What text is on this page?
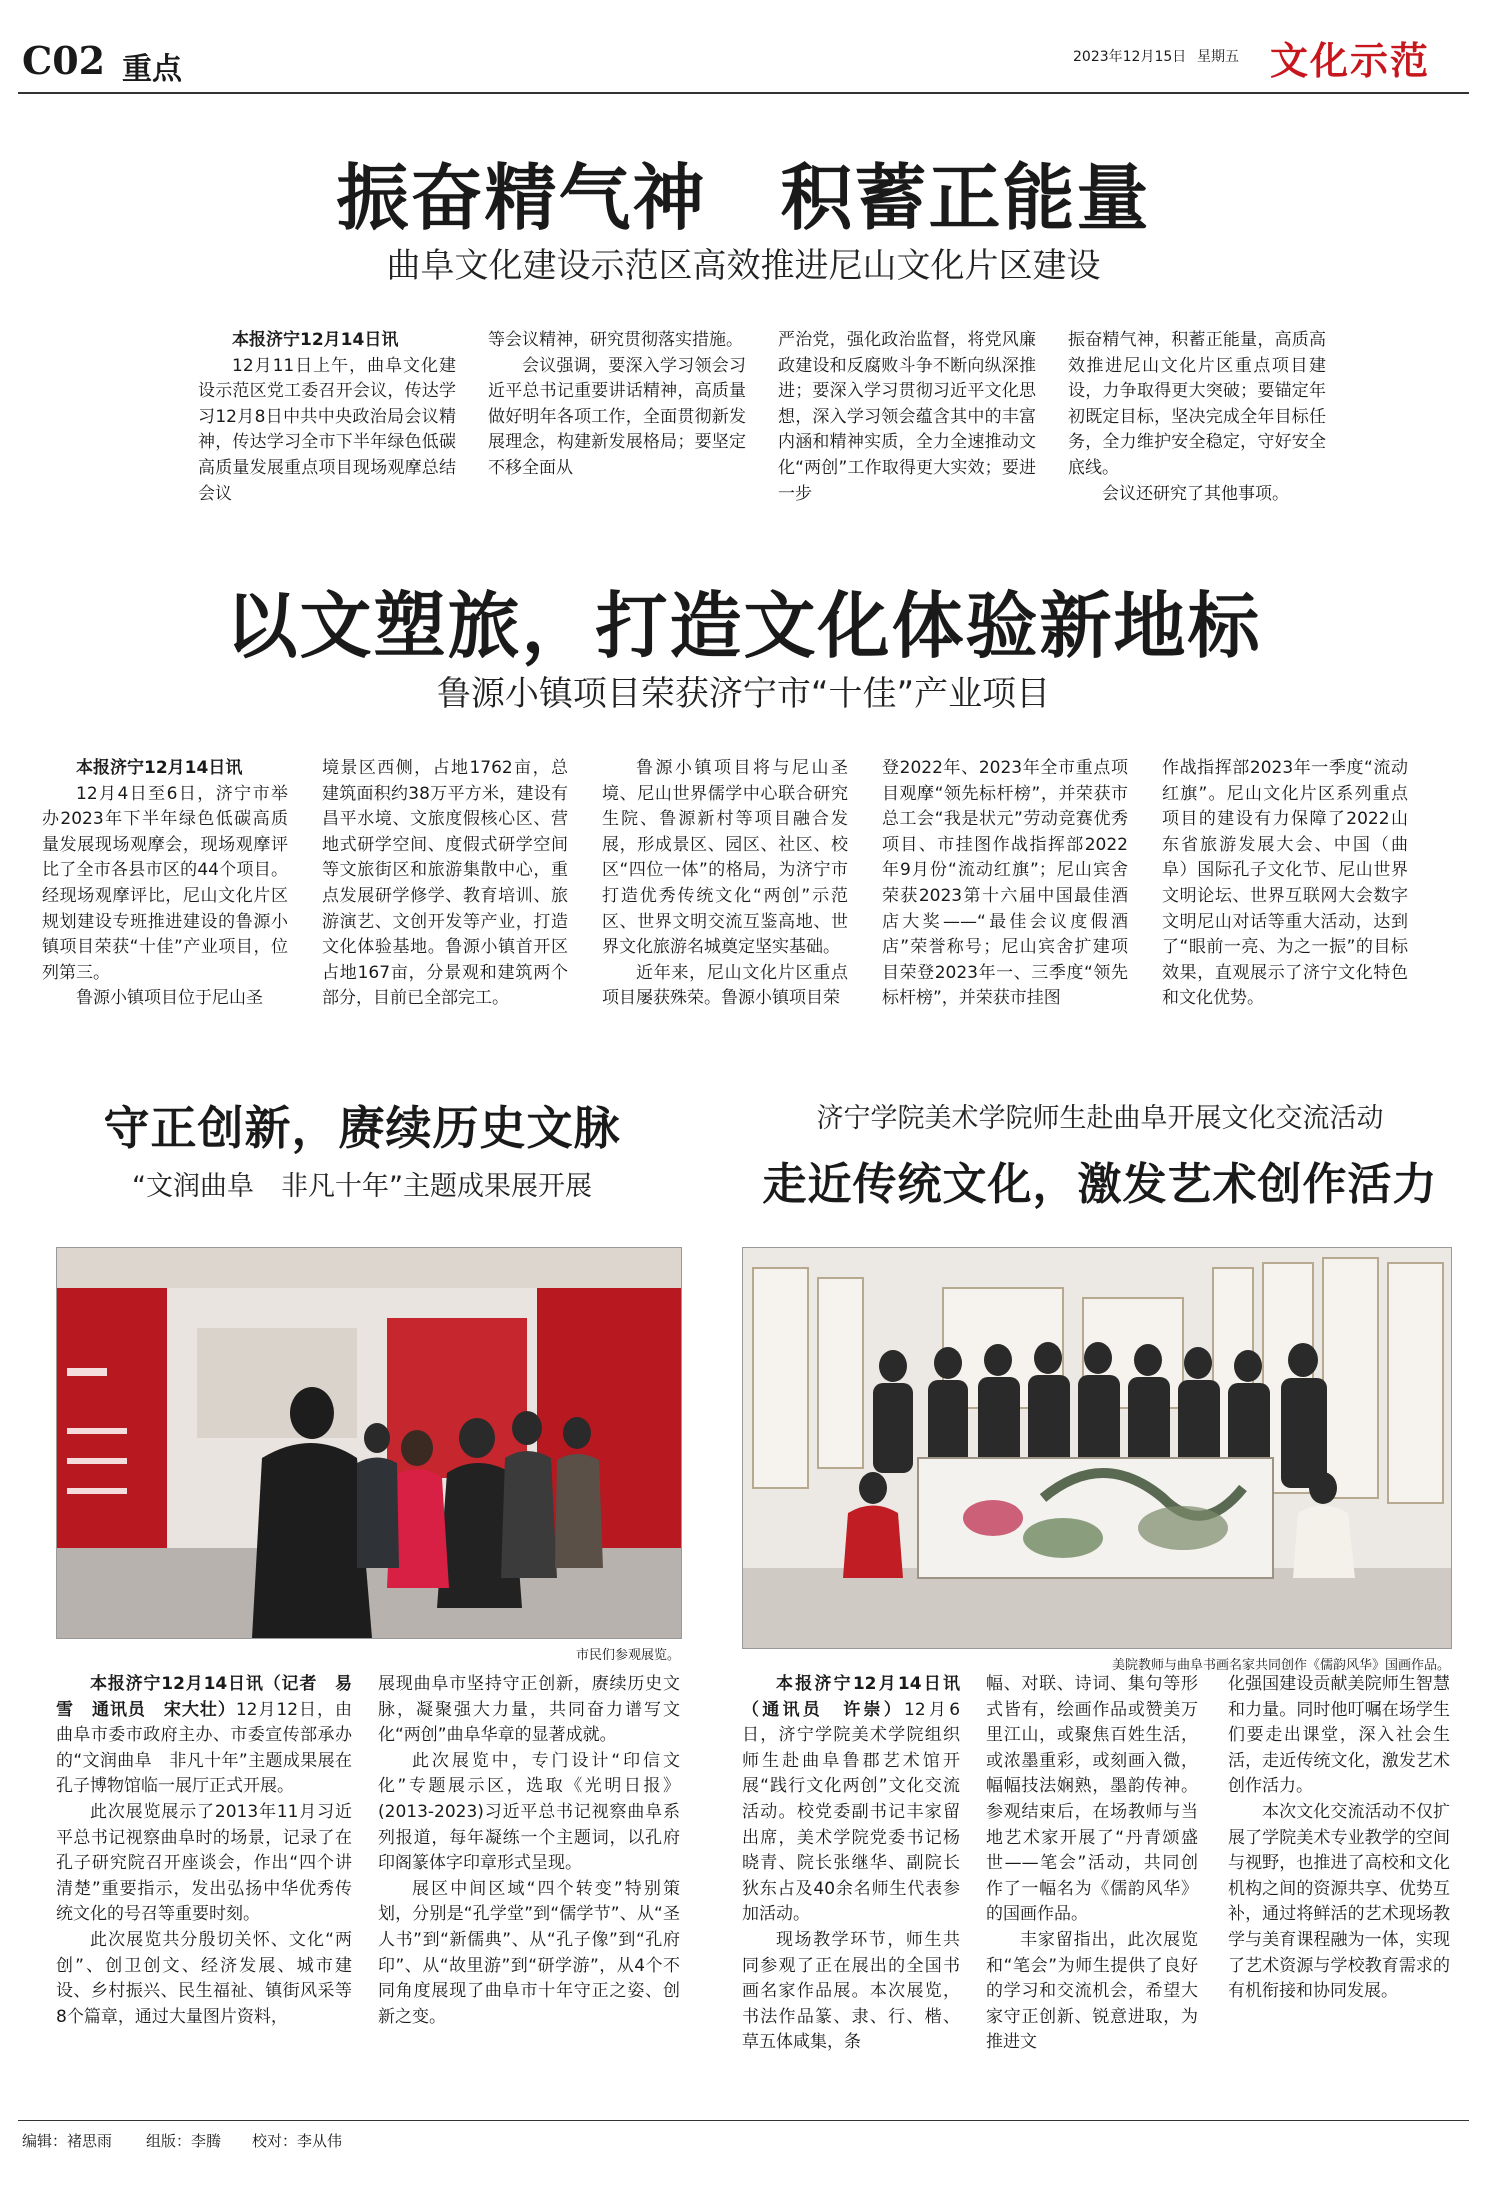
C02 重点	2023年12月15日 星期五 文化示范
振奋精气神　积蓄正能量
曲阜文化建设示范区高效推进尼山文化片区建设

本报济宁12月14日讯

12月11日上午，曲阜文化建设示范区党工委召开会议，传达学习12月8日中共中央政治局会议精神，传达学习全市下半年绿色低碳高质量发展重点项目现场观摩总结会议

等会议精神，研究贯彻落实措施。

会议强调，要深入学习领会习近平总书记重要讲话精神，高质量做好明年各项工作，全面贯彻新发展理念，构建新发展格局；要坚定不移全面从

严治党，强化政治监督，将党风廉政建设和反腐败斗争不断向纵深推进；要深入学习贯彻习近平文化思想，深入学习领会蕴含其中的丰富内涵和精神实质，全力全速推动文化“两创”工作取得更大实效；要进一步

振奋精气神，积蓄正能量，高质高效推进尼山文化片区重点项目建设，力争取得更大突破；要锚定年初既定目标，坚决完成全年目标任务，全力维护安全稳定，守好安全底线。

会议还研究了其他事项。

以文塑旅，打造文化体验新地标
鲁源小镇项目荣获济宁市“十佳”产业项目

本报济宁12月14日讯

12月4日至6日，济宁市举办2023年下半年绿色低碳高质量发展现场观摩会，现场观摩评比了全市各县市区的44个项目。经现场观摩评比，尼山文化片区规划建设专班推进建设的鲁源小镇项目荣获“十佳”产业项目，位列第三。

鲁源小镇项目位于尼山圣

境景区西侧，占地1762亩，总建筑面积约38万平方米，建设有昌平水境、文旅度假核心区、营地式研学空间、度假式研学空间等文旅街区和旅游集散中心，重点发展研学修学、教育培训、旅游演艺、文创开发等产业，打造文化体验基地。鲁源小镇首开区占地167亩，分景观和建筑两个部分，目前已全部完工。

鲁源小镇项目将与尼山圣境、尼山世界儒学中心联合研究生院、鲁源新村等项目融合发展，形成景区、园区、社区、校区“四位一体”的格局，为济宁市打造优秀传统文化“两创”示范区、世界文明交流互鉴高地、世界文化旅游名城奠定坚实基础。

近年来，尼山文化片区重点项目屡获殊荣。鲁源小镇项目荣

登2022年、2023年全市重点项目观摩“领先标杆榜”，并荣获市总工会“我是状元”劳动竞赛优秀项目、市挂图作战指挥部2022年9月份“流动红旗”；尼山宾舍荣获2023第十六届中国最佳酒店大奖——“最佳会议度假酒店”荣誉称号；尼山宾舍扩建项目荣登2023年一、三季度“领先标杆榜”，并荣获市挂图

作战指挥部2023年一季度“流动红旗”。尼山文化片区系列重点项目的建设有力保障了2022山东省旅游发展大会、中国（曲阜）国际孔子文化节、尼山世界文明论坛、世界互联网大会数字文明尼山对话等重大活动，达到了“眼前一亮、为之一振”的目标效果，直观展示了济宁文化特色和文化优势。

守正创新，赓续历史文脉
“文润曲阜　非凡十年”主题成果展开展
市民们参观展览。

本报济宁12月14日讯（记者　易雪　通讯员　宋大壮）12月12日，由曲阜市委市政府主办、市委宣传部承办的“文润曲阜　非凡十年”主题成果展在孔子博物馆临一展厅正式开展。

此次展览展示了2013年11月习近平总书记视察曲阜时的场景，记录了在孔子研究院召开座谈会，作出“四个讲清楚”重要指示，发出弘扬中华优秀传统文化的号召等重要时刻。

此次展览共分殷切关怀、文化“两创”、创卫创文、经济发展、城市建设、乡村振兴、民生福祉、镇街风采等8个篇章，通过大量图片资料，

展现曲阜市坚持守正创新，赓续历史文脉，凝聚强大力量，共同奋力谱写文化“两创”曲阜华章的显著成就。

此次展览中，专门设计“印信文化”专题展示区，选取《光明日报》(2013-2023)习近平总书记视察曲阜系列报道，每年凝练一个主题词，以孔府印阁篆体字印章形式呈现。

展区中间区域“四个转变”特别策划，分别是“孔学堂”到“儒学节”、从“圣人书”到“新儒典”、从“孔子像”到“孔府印”、从“故里游”到“研学游”，从4个不同角度展现了曲阜市十年守正之姿、创新之变。

济宁学院美术学院师生赴曲阜开展文化交流活动
走近传统文化，激发艺术创作活力
美院教师与曲阜书画名家共同创作《儒韵风华》国画作品。

本报济宁12月14日讯（通讯员　许崇）12月6日，济宁学院美术学院组织师生赴曲阜鲁郡艺术馆开展“践行文化两创”文化交流活动。校党委副书记丰家留出席，美术学院党委书记杨晓青、院长张继华、副院长狄东占及40余名师生代表参加活动。

现场教学环节，师生共同参观了正在展出的全国书画名家作品展。本次展览，书法作品篆、隶、行、楷、草五体咸集，条

幅、对联、诗词、集句等形式皆有，绘画作品或赞美万里江山，或聚焦百姓生活，或浓墨重彩，或刻画入微，幅幅技法娴熟，墨韵传神。参观结束后，在场教师与当地艺术家开展了“丹青颂盛世——笔会”活动，共同创作了一幅名为《儒韵风华》的国画作品。

丰家留指出，此次展览和“笔会”为师生提供了良好的学习和交流机会，希望大家守正创新、锐意进取，为推进文

化强国建设贡献美院师生智慧和力量。同时他叮嘱在场学生们要走出课堂，深入社会生活，走近传统文化，激发艺术创作活力。

本次文化交流活动不仅扩展了学院美术专业教学的空间与视野，也推进了高校和文化机构之间的资源共享、优势互补，通过将鲜活的艺术现场教学与美育课程融为一体，实现了艺术资源与学校教育需求的有机衔接和协同发展。

编辑：褚思雨 组版：李腾 校对：李从伟
